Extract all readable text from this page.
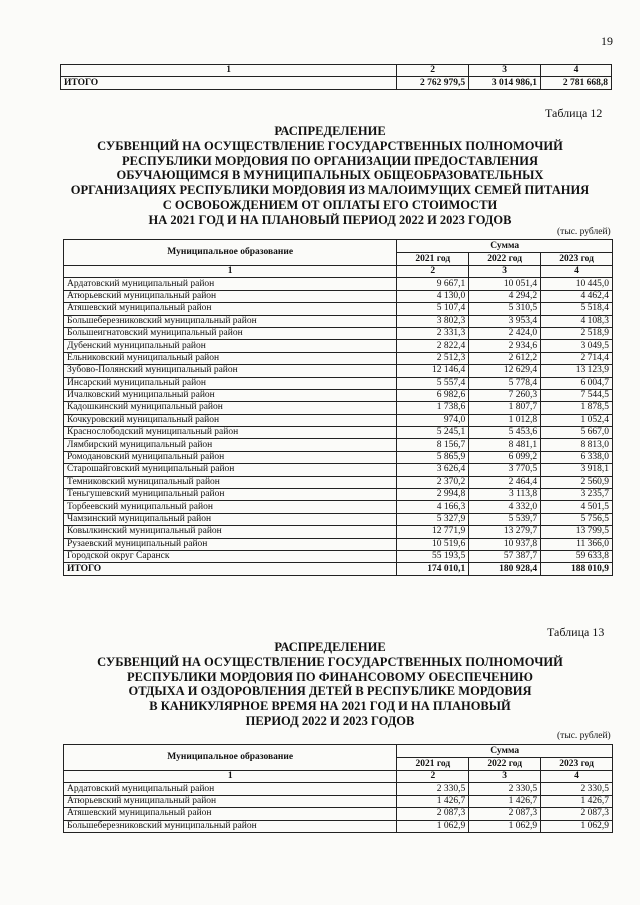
19
1	2	3	4
ИТОГО	2 762 979,5	3 014 986,1	2 781 668,8
Таблица 12
РАСПРЕДЕЛЕНИЕ
СУБВЕНЦИЙ НА ОСУЩЕСТВЛЕНИЕ ГОСУДАРСТВЕННЫХ ПОЛНОМОЧИЙ
РЕСПУБЛИКИ МОРДОВИЯ ПО ОРГАНИЗАЦИИ ПРЕДОСТАВЛЕНИЯ
ОБУЧАЮЩИМСЯ В МУНИЦИПАЛЬНЫХ ОБЩЕОБРАЗОВАТЕЛЬНЫХ
ОРГАНИЗАЦИЯХ РЕСПУБЛИКИ МОРДОВИЯ ИЗ МАЛОИМУЩИХ СЕМЕЙ ПИТАНИЯ
С ОСВОБОЖДЕНИЕМ ОТ ОПЛАТЫ ЕГО СТОИМОСТИ
НА 2021 ГОД И НА ПЛАНОВЫЙ ПЕРИОД 2022 И 2023 ГОДОВ
(тыс. рублей)
Муниципальное образование	Сумма		
	2021 год	2022 год	2023 год
1	2	3	4
Ардатовский муниципальный район	9 667,1	10 051,4	10 445,0
Атюрьевский муниципальный район	4 130,0	4 294,2	4 462,4
Атяшевский муниципальный район	5 107,4	5 310,5	5 518,4
Большеберезниковский муниципальный район	3 802,3	3 953,4	4 108,3
Большеигнатовский муниципальный район	2 331,3	2 424,0	2 518,9
Дубенский муниципальный район	2 822,4	2 934,6	3 049,5
Ельниковский муниципальный район	2 512,3	2 612,2	2 714,4
Зубово-Полянский муниципальный район	12 146,4	12 629,4	13 123,9
Инсарский муниципальный район	5 557,4	5 778,4	6 004,7
Ичалковский муниципальный район	6 982,6	7 260,3	7 544,5
Кадошкинский муниципальный район	1 738,6	1 807,7	1 878,5
Кочкуровский муниципальный район	974,0	1 012,8	1 052,4
Краснослободский муниципальный район	5 245,1	5 453,6	5 667,0
Лямбирский муниципальный район	8 156,7	8 481,1	8 813,0
Ромодановский муниципальный район	5 865,9	6 099,2	6 338,0
Старошайговский муниципальный район	3 626,4	3 770,5	3 918,1
Темниковский муниципальный район	2 370,2	2 464,4	2 560,9
Теньгушевский муниципальный район	2 994,8	3 113,8	3 235,7
Торбеевский муниципальный район	4 166,3	4 332,0	4 501,5
Чамзинский муниципальный район	5 327,9	5 539,7	5 756,5
Ковылкинский муниципальный район	12 771,9	13 279,7	13 799,5
Рузаевский муниципальный район	10 519,6	10 937,8	11 366,0
Городской округ Саранск	55 193,5	57 387,7	59 633,8
ИТОГО	174 010,1	180 928,4	188 010,9
Таблица 13
РАСПРЕДЕЛЕНИЕ
СУБВЕНЦИЙ НА ОСУЩЕСТВЛЕНИЕ ГОСУДАРСТВЕННЫХ ПОЛНОМОЧИЙ
РЕСПУБЛИКИ МОРДОВИЯ ПО ФИНАНСОВОМУ ОБЕСПЕЧЕНИЮ
ОТДЫХА И ОЗДОРОВЛЕНИЯ ДЕТЕЙ В РЕСПУБЛИКЕ МОРДОВИЯ
В КАНИКУЛЯРНОЕ ВРЕМЯ НА 2021 ГОД И НА ПЛАНОВЫЙ
ПЕРИОД 2022 И 2023 ГОДОВ
(тыс. рублей)
Муниципальное образование	Сумма		
	2021 год	2022 год	2023 год
1	2	3	4
Ардатовский муниципальный район	2 330,5	2 330,5	2 330,5
Атюрьевский муниципальный район	1 426,7	1 426,7	1 426,7
Атяшевский муниципальный район	2 087,3	2 087,3	2 087,3
Большеберезниковский муниципальный район	1 062,9	1 062,9	1 062,9
